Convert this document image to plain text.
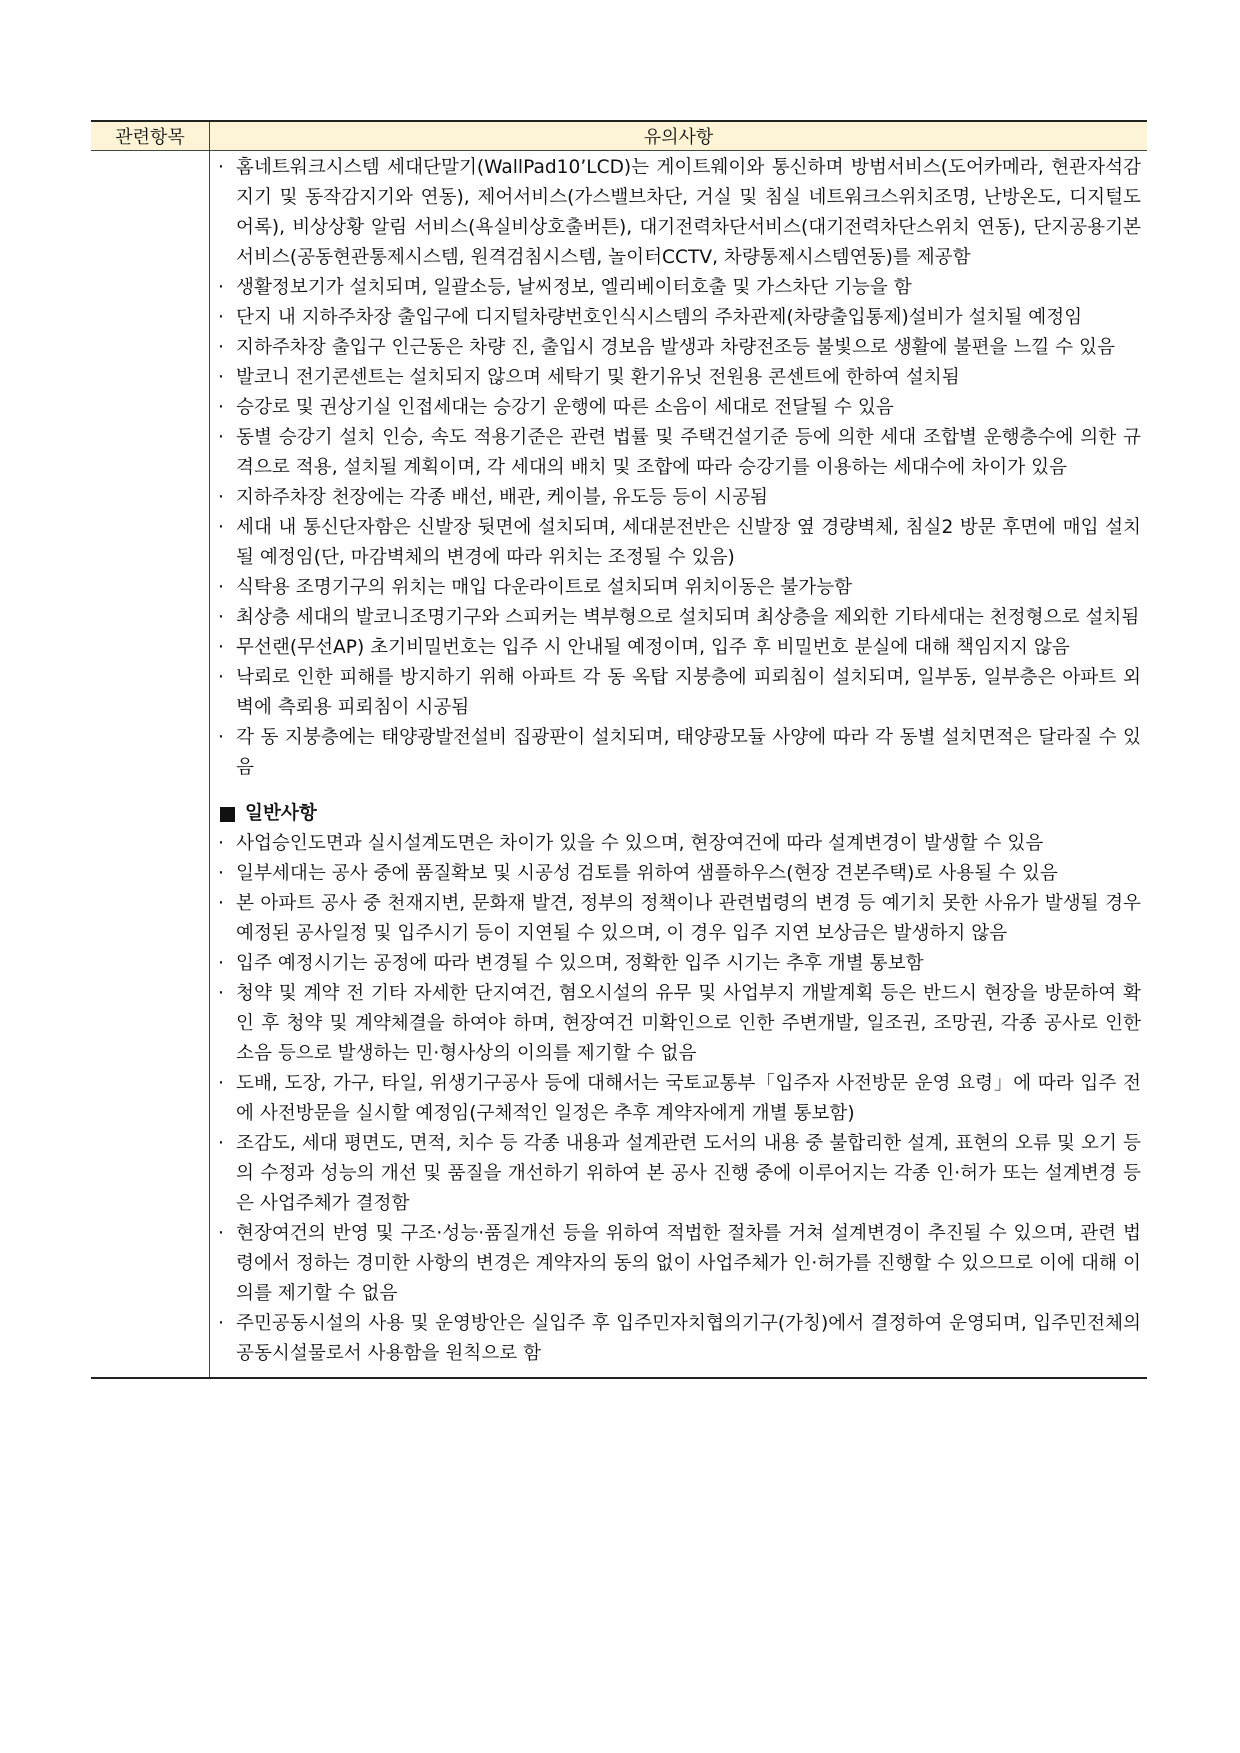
관련항목	유의사항
· 홈네트워크시스템 세대단말기(WallPad10’LCD)는 게이트웨이와 통신하며 방범서비스(도어카메라, 현관자석감지기 및 동작감지기와 연동), 제어서비스(가스밸브차단, 거실 및 침실 네트워크스위치조명, 난방온도, 디지털도어록), 비상상황 알림 서비스(욕실비상호출버튼), 대기전력차단서비스(대기전력차단스위치 연동), 단지공용기본서비스(공동현관통제시스템, 원격검침시스템, 놀이터CCTV, 차량통제시스템연동)를 제공함
· 생활정보기가 설치되며, 일괄소등, 날씨정보, 엘리베이터호출 및 가스차단 기능을 함
· 단지 내 지하주차장 출입구에 디지털차량번호인식시스템의 주차관제(차량출입통제)설비가 설치될 예정임
· 지하주차장 출입구 인근동은 차량 진, 출입시 경보음 발생과 차량전조등 불빛으로 생활에 불편을 느낄 수 있음
· 발코니 전기콘센트는 설치되지 않으며 세탁기 및 환기유닛 전원용 콘센트에 한하여 설치됨
· 승강로 및 권상기실 인접세대는 승강기 운행에 따른 소음이 세대로 전달될 수 있음
· 동별 승강기 설치 인승, 속도 적용기준은 관련 법률 및 주택건설기준 등에 의한 세대 조합별 운행층수에 의한 규격으로 적용, 설치될 계획이며, 각 세대의 배치 및 조합에 따라 승강기를 이용하는 세대수에 차이가 있음
· 지하주차장 천장에는 각종 배선, 배관, 케이블, 유도등 등이 시공됨
· 세대 내 통신단자함은 신발장 뒷면에 설치되며, 세대분전반은 신발장 옆 경량벽체, 침실2 방문 후면에 매입 설치 될 예정임(단, 마감벽체의 변경에 따라 위치는 조정될 수 있음)
· 식탁용 조명기구의 위치는 매입 다운라이트로 설치되며 위치이동은 불가능함
· 최상층 세대의 발코니조명기구와 스피커는 벽부형으로 설치되며 최상층을 제외한 기타세대는 천정형으로 설치됨
· 무선랜(무선AP) 초기비밀번호는 입주 시 안내될 예정이며, 입주 후 비밀번호 분실에 대해 책임지지 않음
· 낙뢰로 인한 피해를 방지하기 위해 아파트 각 동 옥탑 지붕층에 피뢰침이 설치되며, 일부동, 일부층은 아파트 외벽에 측뢰용 피뢰침이 시공됨
· 각 동 지붕층에는 태양광발전설비 집광판이 설치되며, 태양광모듈 사양에 따라 각 동별 설치면적은 달라질 수 있음
일반사항
· 사업승인도면과 실시설계도면은 차이가 있을 수 있으며, 현장여건에 따라 설계변경이 발생할 수 있음
· 일부세대는 공사 중에 품질확보 및 시공성 검토를 위하여 샘플하우스(현장 견본주택)로 사용될 수 있음
· 본 아파트 공사 중 천재지변, 문화재 발견, 정부의 정책이나 관련법령의 변경 등 예기치 못한 사유가 발생될 경우 예정된 공사일정 및 입주시기 등이 지연될 수 있으며, 이 경우 입주 지연 보상금은 발생하지 않음
· 입주 예정시기는 공정에 따라 변경될 수 있으며, 정확한 입주 시기는 추후 개별 통보함
· 청약 및 계약 전 기타 자세한 단지여건, 혐오시설의 유무 및 사업부지 개발계획 등은 반드시 현장을 방문하여 확인 후 청약 및 계약체결을 하여야 하며, 현장여건 미확인으로 인한 주변개발, 일조권, 조망권, 각종 공사로 인한 소음 등으로 발생하는 민·형사상의 이의를 제기할 수 없음
· 도배, 도장, 가구, 타일, 위생기구공사 등에 대해서는 국토교통부「입주자 사전방문 운영 요령」에 따라 입주 전에 사전방문을 실시할 예정임(구체적인 일정은 추후 계약자에게 개별 통보함)
· 조감도, 세대 평면도, 면적, 치수 등 각종 내용과 설계관련 도서의 내용 중 불합리한 설계, 표현의 오류 및 오기 등의 수정과 성능의 개선 및 품질을 개선하기 위하여 본 공사 진행 중에 이루어지는 각종 인·허가 또는 설계변경 등은 사업주체가 결정함
· 현장여건의 반영 및 구조·성능·품질개선 등을 위하여 적법한 절차를 거쳐 설계변경이 추진될 수 있으며, 관련 법령에서 정하는 경미한 사항의 변경은 계약자의 동의 없이 사업주체가 인·허가를 진행할 수 있으므로 이에 대해 이의를 제기할 수 없음
· 주민공동시설의 사용 및 운영방안은 실입주 후 입주민자치협의기구(가칭)에서 결정하여 운영되며, 입주민전체의 공동시설물로서 사용함을 원칙으로 함
